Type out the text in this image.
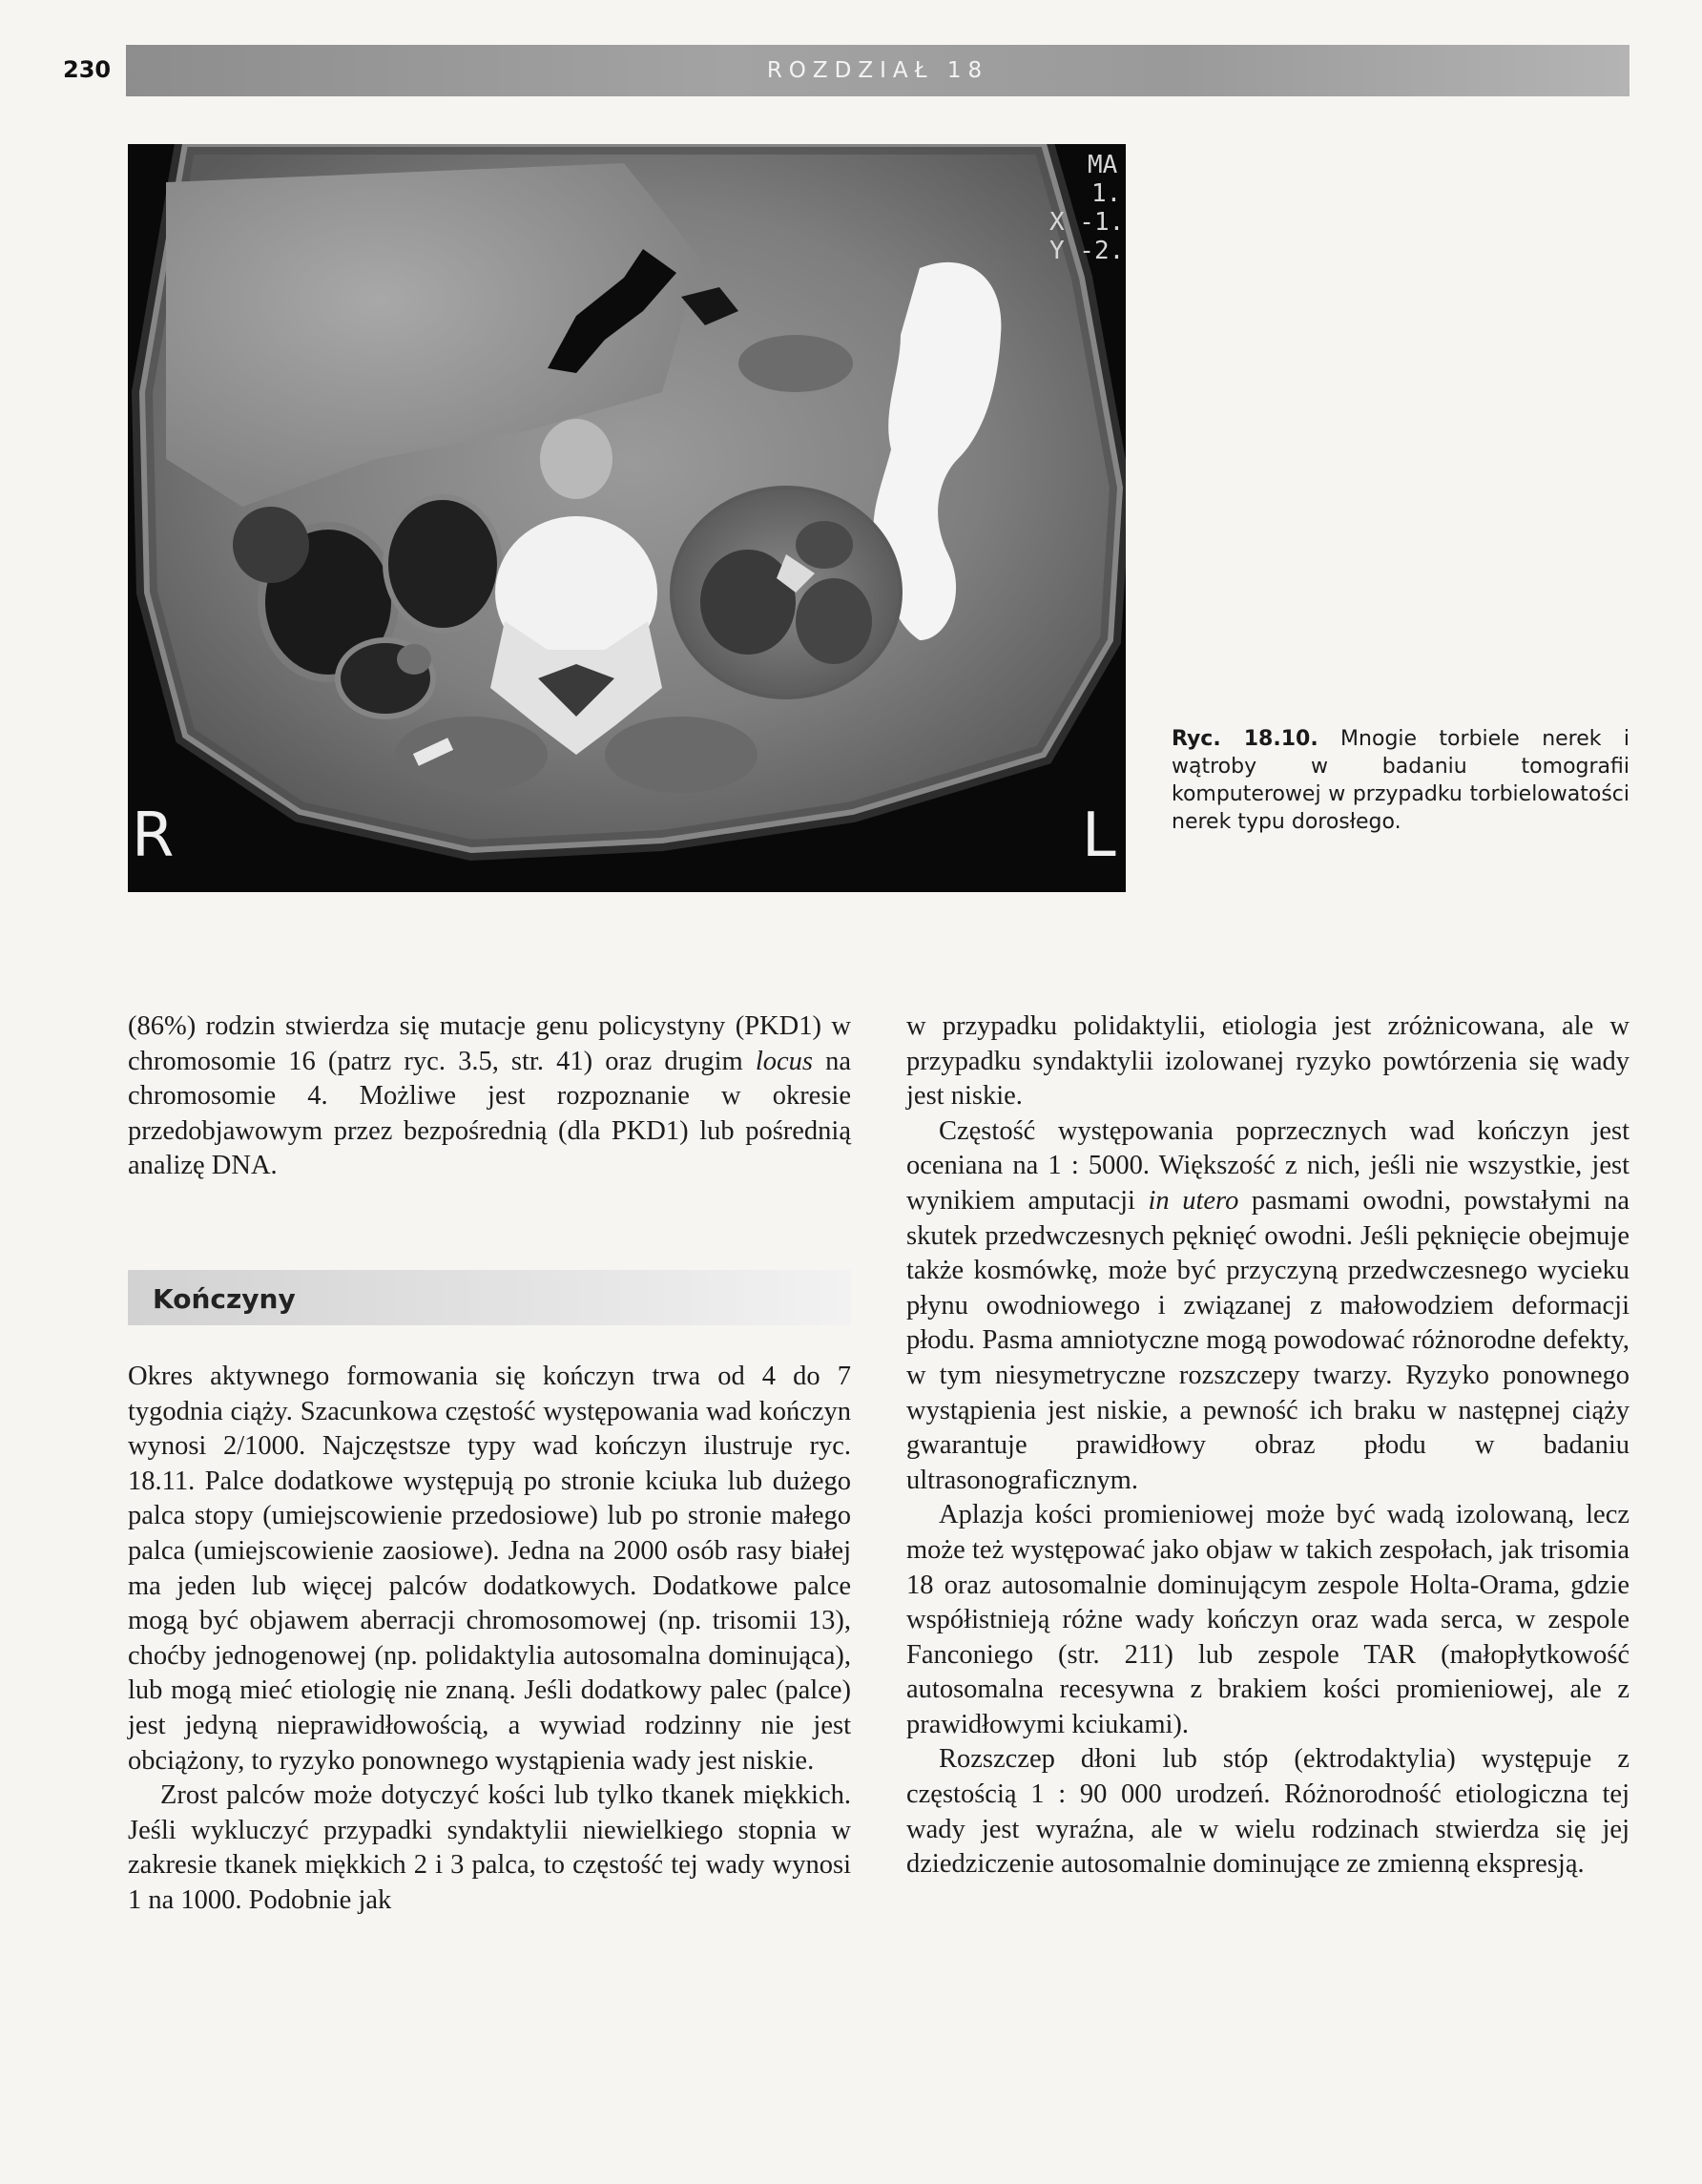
230	ROZDZIAŁ 18
MA
1.
X -1.
Y -2.
R	L
Ryc. 18.10. Mnogie torbiele nerek i wątroby w badaniu tomografii komputerowej w przypadku torbielowatości nerek typu dorosłego.

(86%) rodzin stwierdza się mutacje genu policystyny (PKD1) w chromosomie 16 (patrz ryc. 3.5, str. 41) oraz drugim locus na chromosomie 4. Możliwe jest rozpoznanie w okresie przedobjawowym przez bezpośrednią (dla PKD1) lub pośrednią analizę DNA.

Kończyny

Okres aktywnego formowania się kończyn trwa od 4 do 7 tygodnia ciąży. Szacunkowa częstość występowania wad kończyn wynosi 2/1000. Najczęstsze typy wad kończyn ilustruje ryc. 18.11. Palce dodatkowe występują po stronie kciuka lub dużego palca stopy (umiejscowienie przedosiowe) lub po stronie małego palca (umiejscowienie zaosiowe). Jedna na 2000 osób rasy białej ma jeden lub więcej palców dodatkowych. Dodatkowe palce mogą być objawem aberracji chromosomowej (np. trisomii 13), choćby jednogenowej (np. polidaktylia autosomalna dominująca), lub mogą mieć etiologię nie znaną. Jeśli dodatkowy palec (palce) jest jedyną nieprawidłowością, a wywiad rodzinny nie jest obciążony, to ryzyko ponownego wystąpienia wady jest niskie.

Zrost palców może dotyczyć kości lub tylko tkanek miękkich. Jeśli wykluczyć przypadki syndaktylii niewielkiego stopnia w zakresie tkanek miękkich 2 i 3 palca, to częstość tej wady wynosi 1 na 1000. Podobnie jak

w przypadku polidaktylii, etiologia jest zróżnicowana, ale w przypadku syndaktylii izolowanej ryzyko powtórzenia się wady jest niskie.

Częstość występowania poprzecznych wad kończyn jest oceniana na 1 : 5000. Większość z nich, jeśli nie wszystkie, jest wynikiem amputacji in utero pasmami owodni, powstałymi na skutek przedwczesnych pęknięć owodni. Jeśli pęknięcie obejmuje także kosmówkę, może być przyczyną przedwczesnego wycieku płynu owodniowego i związanej z małowodziem deformacji płodu. Pasma amniotyczne mogą powodować różnorodne defekty, w tym niesymetryczne rozszczepy twarzy. Ryzyko ponownego wystąpienia jest niskie, a pewność ich braku w następnej ciąży gwarantuje prawidłowy obraz płodu w badaniu ultrasonograficznym.

Aplazja kości promieniowej może być wadą izolowaną, lecz może też występować jako objaw w takich zespołach, jak trisomia 18 oraz autosomalnie dominującym zespole Holta-Orama, gdzie współistnieją różne wady kończyn oraz wada serca, w zespole Fanconiego (str. 211) lub zespole TAR (małopłytkowość autosomalna recesywna z brakiem kości promieniowej, ale z prawidłowymi kciukami).

Rozszczep dłoni lub stóp (ektrodaktylia) występuje z częstością 1 : 90 000 urodzeń. Różnorodność etiologiczna tej wady jest wyraźna, ale w wielu rodzinach stwierdza się jej dziedziczenie autosomalnie dominujące ze zmienną ekspresją.
